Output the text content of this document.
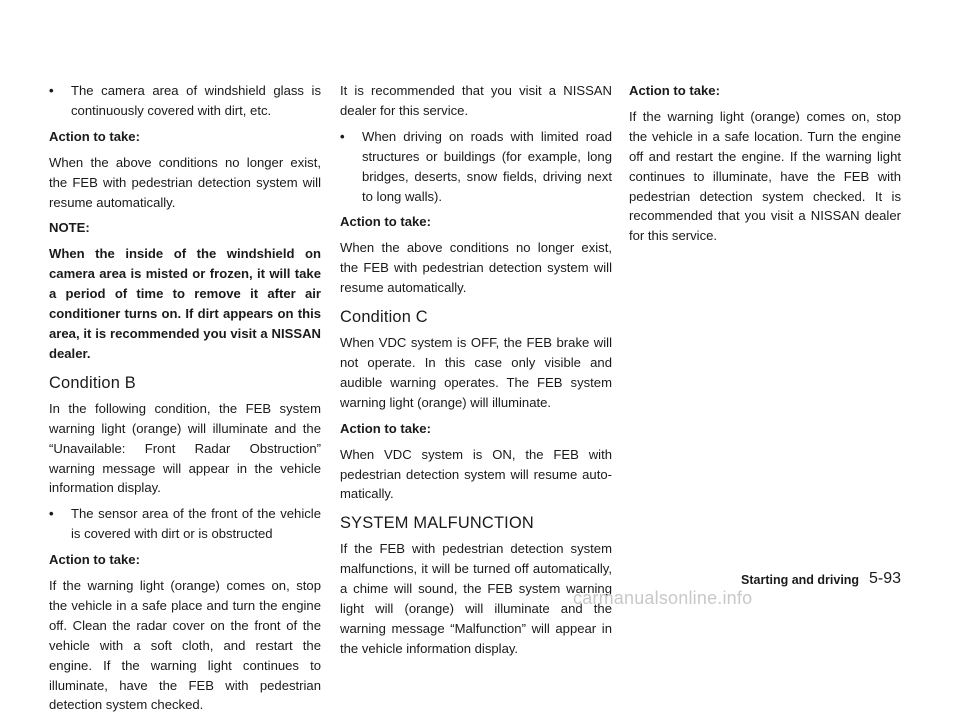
• The camera area of windshield glass is continuously covered with dirt, etc.
Action to take:
When the above conditions no longer exist, the FEB with pedestrian detection system will resume automatically.
NOTE:
When the inside of the windshield on camera area is misted or frozen, it will take a period of time to remove it after air conditioner turns on. If dirt appears on this area, it is recommended you visit a NISSAN dealer.
Condition B
In the following condition, the FEB system warning light (orange) will illuminate and the “Unavailable: Front Radar Obstruction” warning message will appear in the vehicle information display.
• The sensor area of the front of the vehicle is covered with dirt or is obstructed
Action to take:
If the warning light (orange) comes on, stop the vehicle in a safe place and turn the engine off. Clean the radar cover on the front of the vehicle with a soft cloth, and restart the engine. If the warning light continues to illuminate, have the FEB with pedestrian detection system checked.
It is recommended that you visit a NISSAN dealer for this service.
• When driving on roads with limited road structures or buildings (for example, long bridges, deserts, snow fields, driving next to long walls).
Action to take:
When the above conditions no longer exist, the FEB with pedestrian detection system will resume automatically.
Condition C
When VDC system is OFF, the FEB brake will not operate. In this case only visible and audible warning operates. The FEB system warning light (orange) will illuminate.
Action to take:
When VDC system is ON, the FEB with pedestrian detection system will resume auto-matically.
SYSTEM MALFUNCTION
If the FEB with pedestrian detection system malfunctions, it will be turned off automatically, a chime will sound, the FEB system warning light will (orange) will illuminate and the warning message “Malfunction” will appear in the vehicle information display.
Action to take:
If the warning light (orange) comes on, stop the vehicle in a safe location. Turn the engine off and restart the engine. If the warning light continues to illuminate, have the FEB with pedestrian detection system checked. It is recommended that you visit a NISSAN dealer for this service.
Starting and driving 5-93
carmanualsonline.info
